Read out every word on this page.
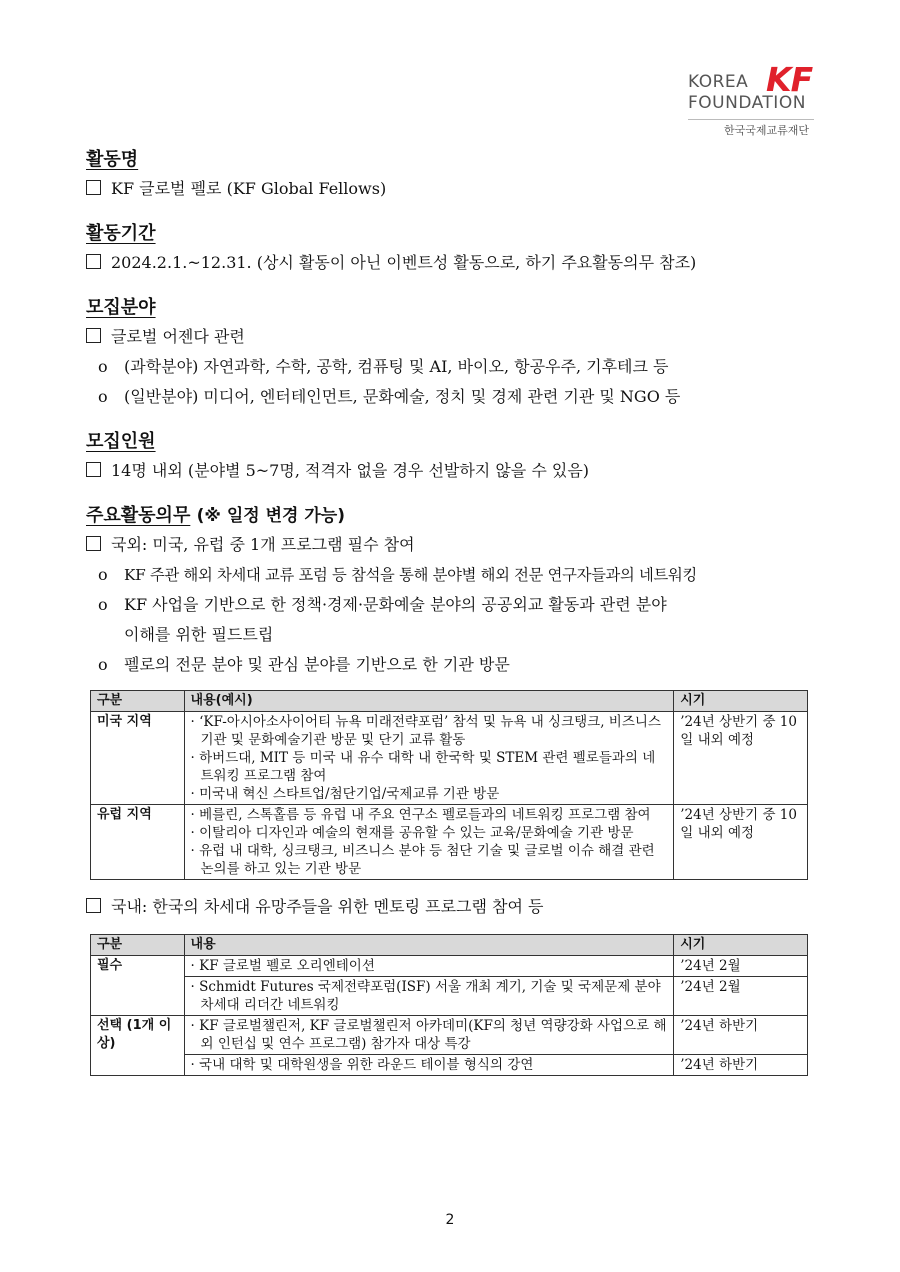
KOREA KF
FOUNDATION
한국국제교류재단
활동명
KF 글로벌 펠로 (KF Global Fellows)
활동기간
2024.2.1.~12.31. (상시 활동이 아닌 이벤트성 활동으로, 하기 주요활동의무 참조)
모집분야
글로벌 어젠다 관련
o (과학분야) 자연과학, 수학, 공학, 컴퓨팅 및 AI, 바이오, 항공우주, 기후테크 등
o (일반분야) 미디어, 엔터테인먼트, 문화예술, 정치 및 경제 관련 기관 및 NGO 등
모집인원
14명 내외 (분야별 5~7명, 적격자 없을 경우 선발하지 않을 수 있음)
주요활동의무 (※ 일정 변경 가능)
국외: 미국, 유럽 중 1개 프로그램 필수 참여
o KF 주관 해외 차세대 교류 포럼 등 참석을 통해 분야별 해외 전문 연구자들과의 네트워킹
o KF 사업을 기반으로 한 정책·경제·문화예술 분야의 공공외교 활동과 관련 분야
이해를 위한 필드트립
o 펠로의 전문 분야 및 관심 분야를 기반으로 한 기관 방문
구분	내용(예시)	시기
미국 지역	· ‘KF-아시아소사이어티 뉴욕 미래전략포럼’ 참석 및 뉴욕 내 싱크탱크, 비즈니스 기관 및 문화예술기관 방문 및 단기 교류 활동
· 하버드대, MIT 등 미국 내 유수 대학 내 한국학 및 STEM 관련 펠로들과의 네트워킹 프로그램 참여
· 미국내 혁신 스타트업/첨단기업/국제교류 기관 방문	’24년 상반기 중 10일 내외 예정
유럽 지역	· 베를린, 스톡홀름 등 유럽 내 주요 연구소 펠로들과의 네트워킹 프로그램 참여
· 이탈리아 디자인과 예술의 현재를 공유할 수 있는 교육/문화예술 기관 방문
· 유럽 내 대학, 싱크탱크, 비즈니스 분야 등 첨단 기술 및 글로벌 이슈 해결 관련 논의를 하고 있는 기관 방문	’24년 상반기 중 10일 내외 예정
국내: 한국의 차세대 유망주들을 위한 멘토링 프로그램 참여 등
구분	내용	시기
필수	· KF 글로벌 펠로 오리엔테이션	’24년 2월

	· Schmidt Futures 국제전략포럼(ISF) 서울 개최 계기, 기술 및 국제문제 분야 차세대 리더간 네트워킹	’24년 2월
선택 (1개 이상)	· KF 글로벌챌린저, KF 글로벌챌린저 아카데미(KF의 청년 역량강화 사업으로 해외 인턴십 및 연수 프로그램) 참가자 대상 특강	’24년 하반기

	· 국내 대학 및 대학원생을 위한 라운드 테이블 형식의 강연	’24년 하반기
2
